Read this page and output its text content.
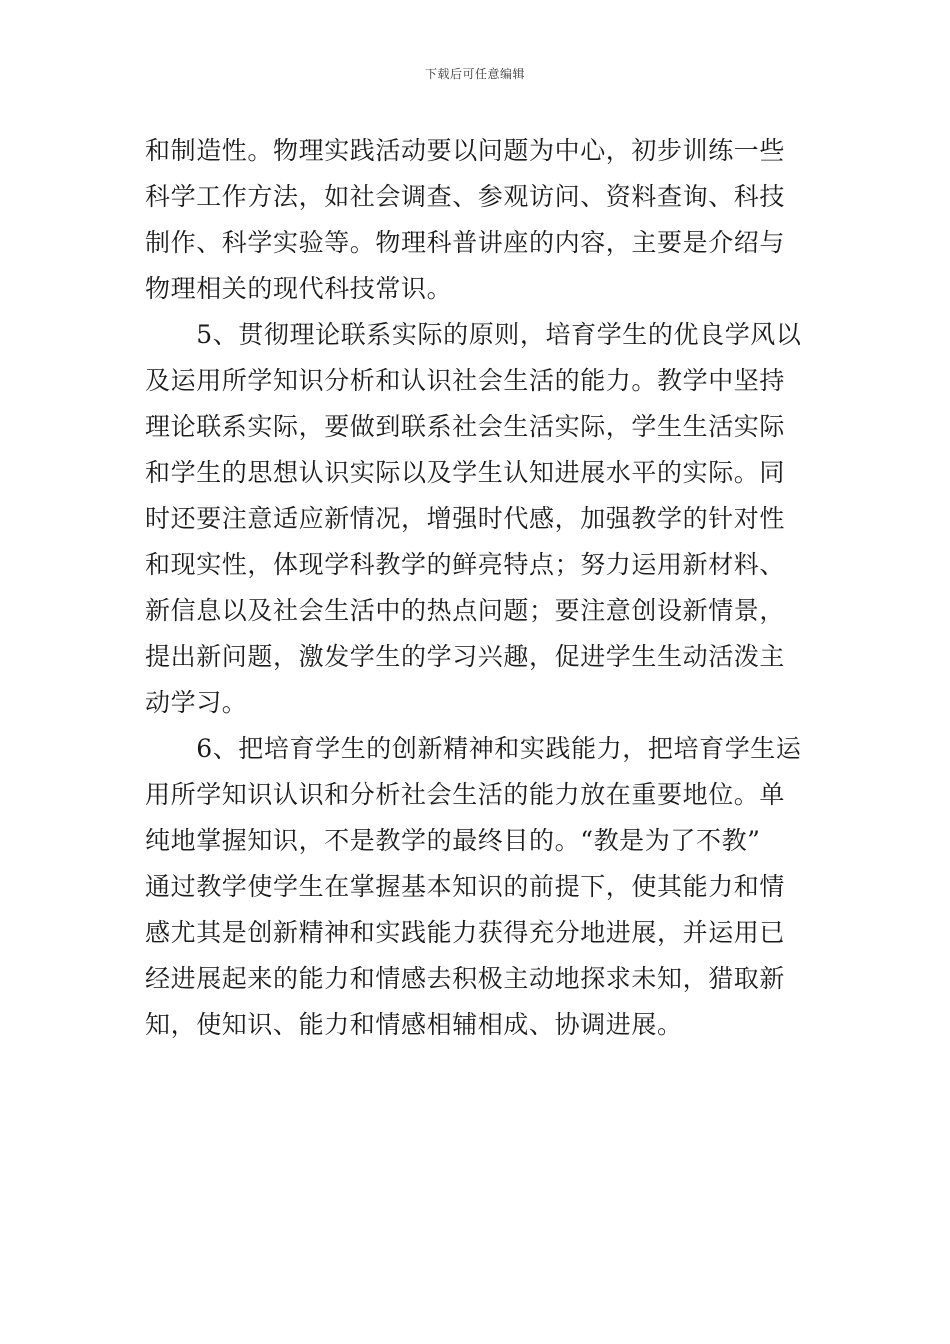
下载后可任意编辑
和制造性。物理实践活动要以问题为中心，初步训练一些
科学工作方法，如社会调查、参观访问、资料查询、科技
制作、科学实验等。物理科普讲座的内容，主要是介绍与
物理相关的现代科技常识。
　　5、贯彻理论联系实际的原则，培育学生的优良学风以
及运用所学知识分析和认识社会生活的能力。教学中坚持
理论联系实际，要做到联系社会生活实际，学生生活实际
和学生的思想认识实际以及学生认知进展水平的实际。同
时还要注意适应新情况，增强时代感，加强教学的针对性
和现实性，体现学科教学的鲜亮特点；努力运用新材料、
新信息以及社会生活中的热点问题；要注意创设新情景，
提出新问题，激发学生的学习兴趣，促进学生生动活泼主
动学习。
　　6、把培育学生的创新精神和实践能力，把培育学生运
用所学知识认识和分析社会生活的能力放在重要地位。单
纯地掌握知识，不是教学的最终目的。“教是为了不教”
通过教学使学生在掌握基本知识的前提下，使其能力和情
感尤其是创新精神和实践能力获得充分地进展，并运用已
经进展起来的能力和情感去积极主动地探求未知，猎取新
知，使知识、能力和情感相辅相成、协调进展。
